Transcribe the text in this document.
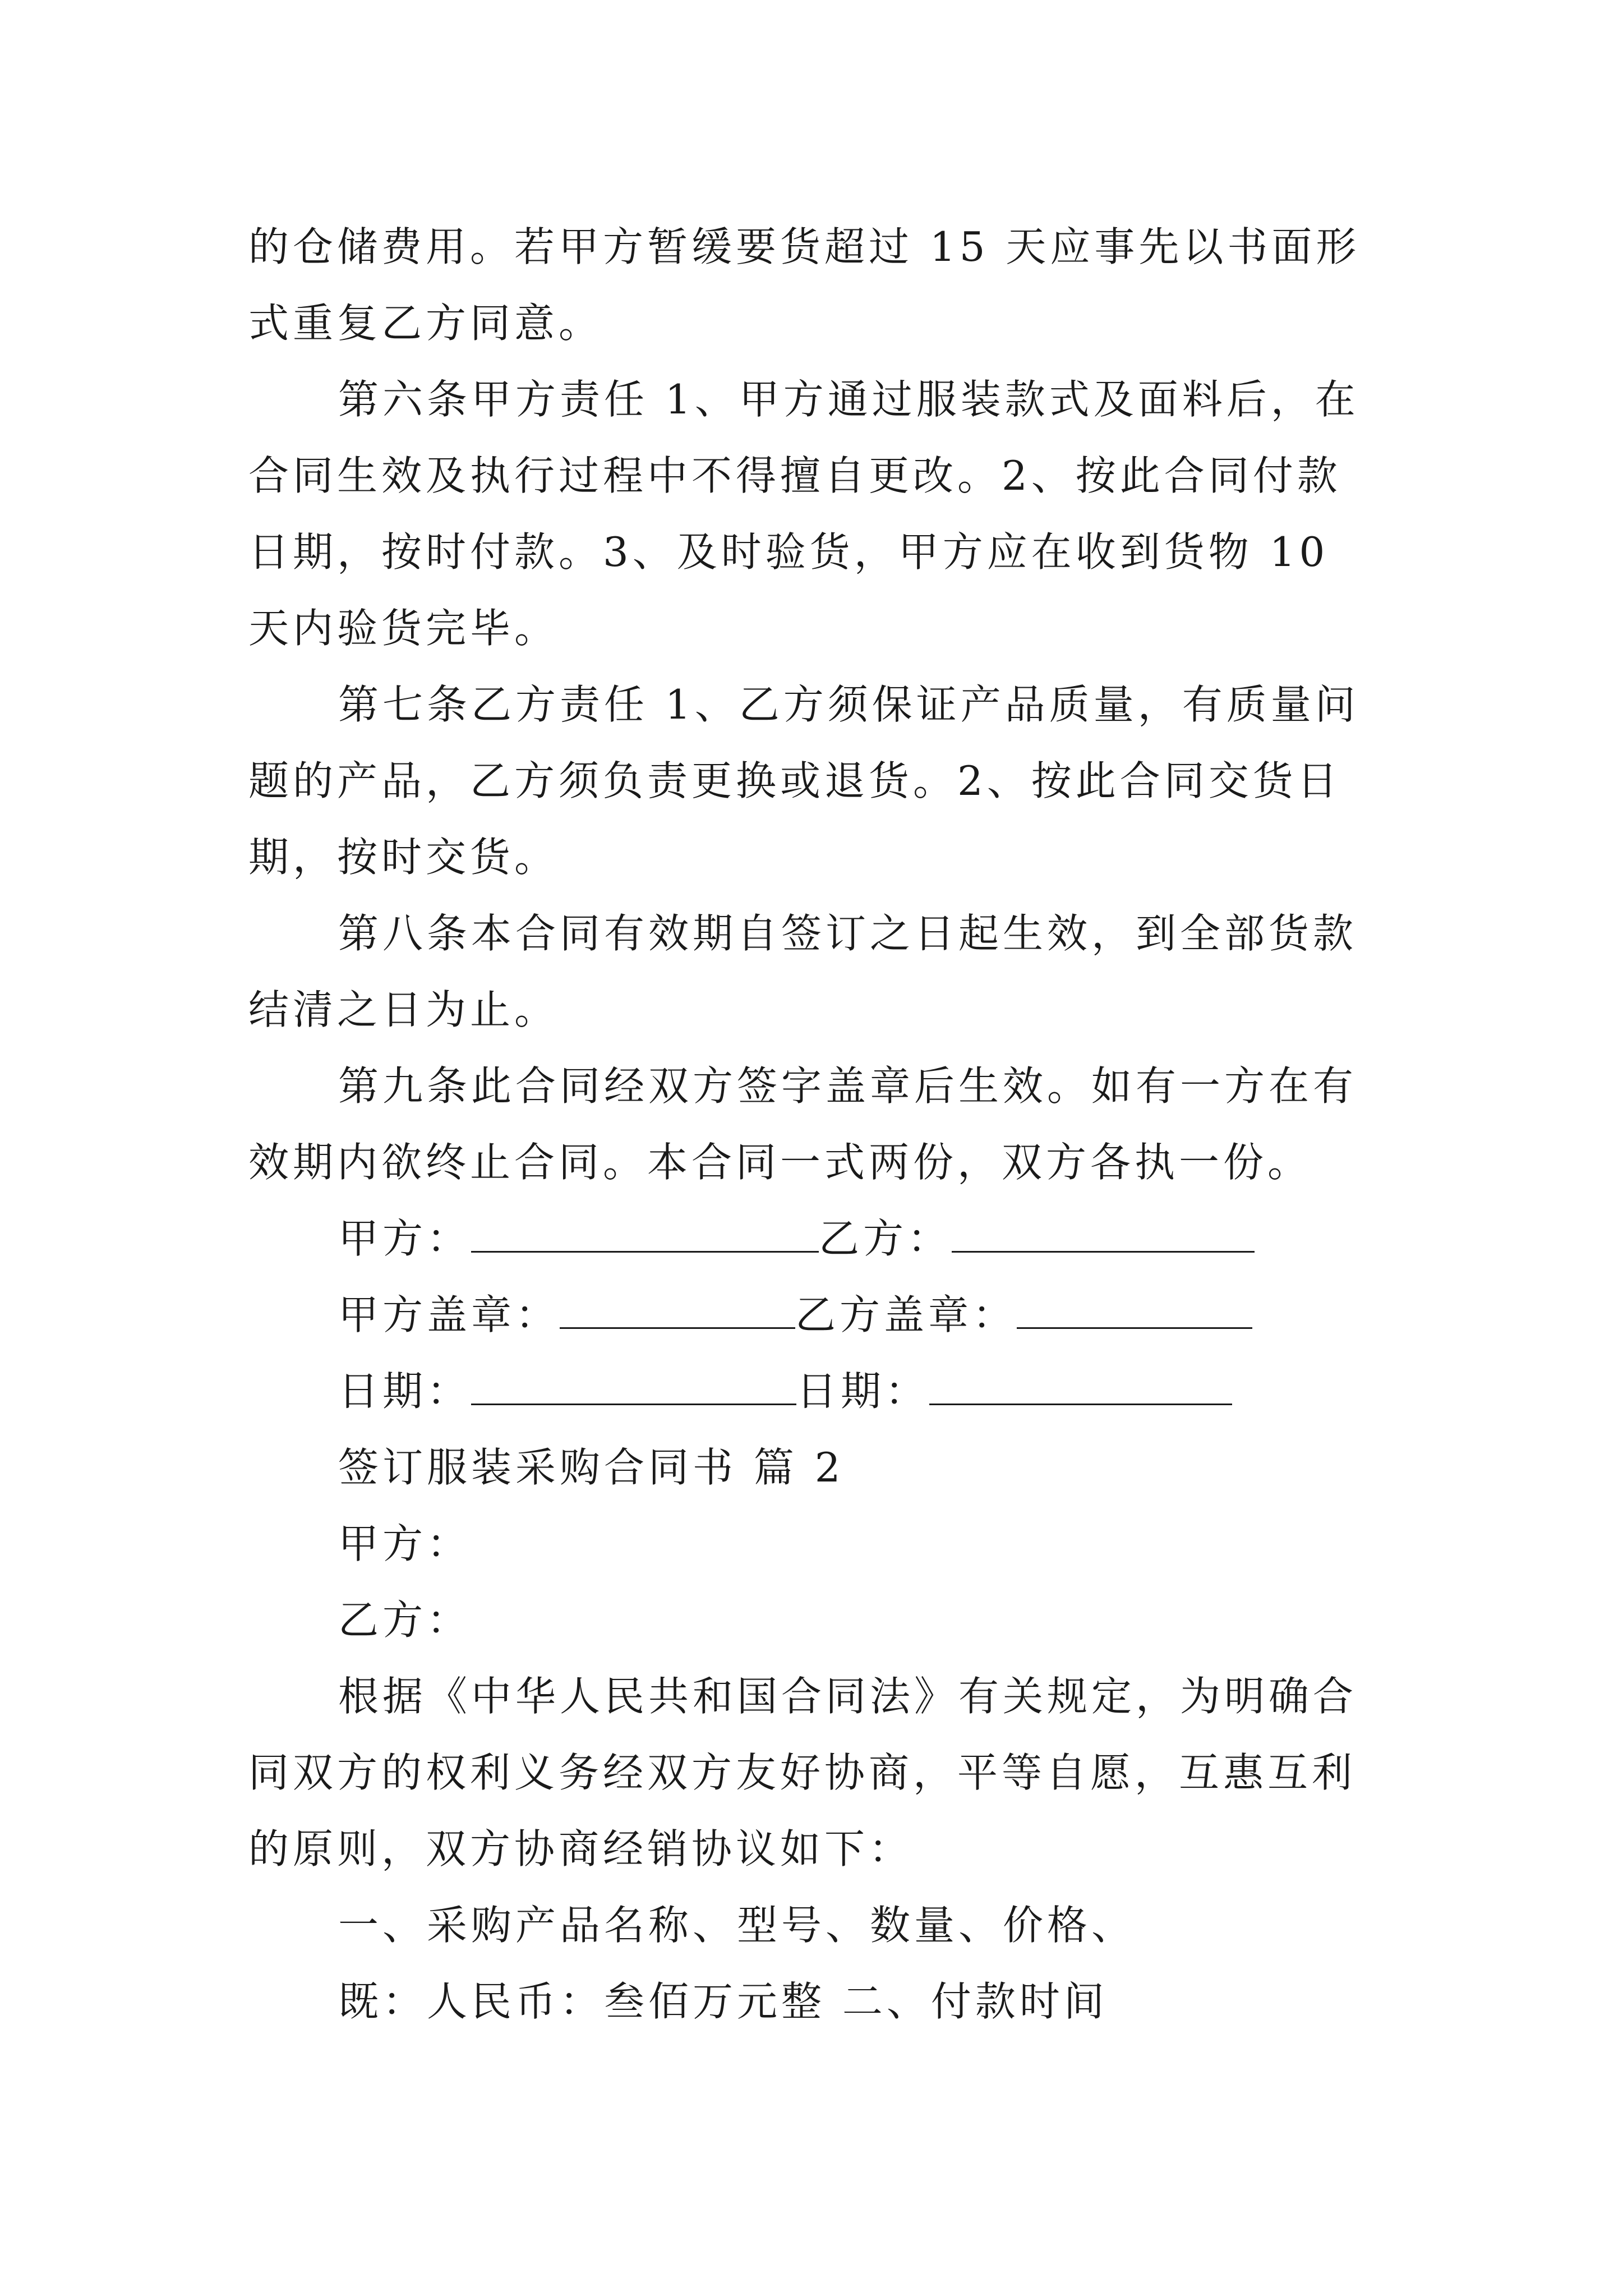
的仓储费用。若甲方暂缓要货超过 15 天应事先以书面形式重复乙方同意。

第六条甲方责任 1、甲方通过服装款式及面料后，在合同生效及执行过程中不得擅自更改。2、按此合同付款日期，按时付款。3、及时验货，甲方应在收到货物 10 天内验货完毕。

第七条乙方责任 1、乙方须保证产品质量，有质量问题的产品，乙方须负责更换或退货。2、按此合同交货日期，按时交货。

第八条本合同有效期自签订之日起生效，到全部货款结清之日为止。

第九条此合同经双方签字盖章后生效。如有一方在有效期内欲终止合同。本合同一式两份，双方各执一份。

甲方：	乙方：
甲方盖章：	乙方盖章：
日期：	日期：
签订服装采购合同书 篇 2
甲方：
乙方：

根据《中华人民共和国合同法》有关规定，为明确合同双方的权利义务经双方友好协商，平等自愿，互惠互利的原则，双方协商经销协议如下：

一、采购产品名称、型号、数量、价格、
既：人民币：叁佰万元整 二、付款时间
